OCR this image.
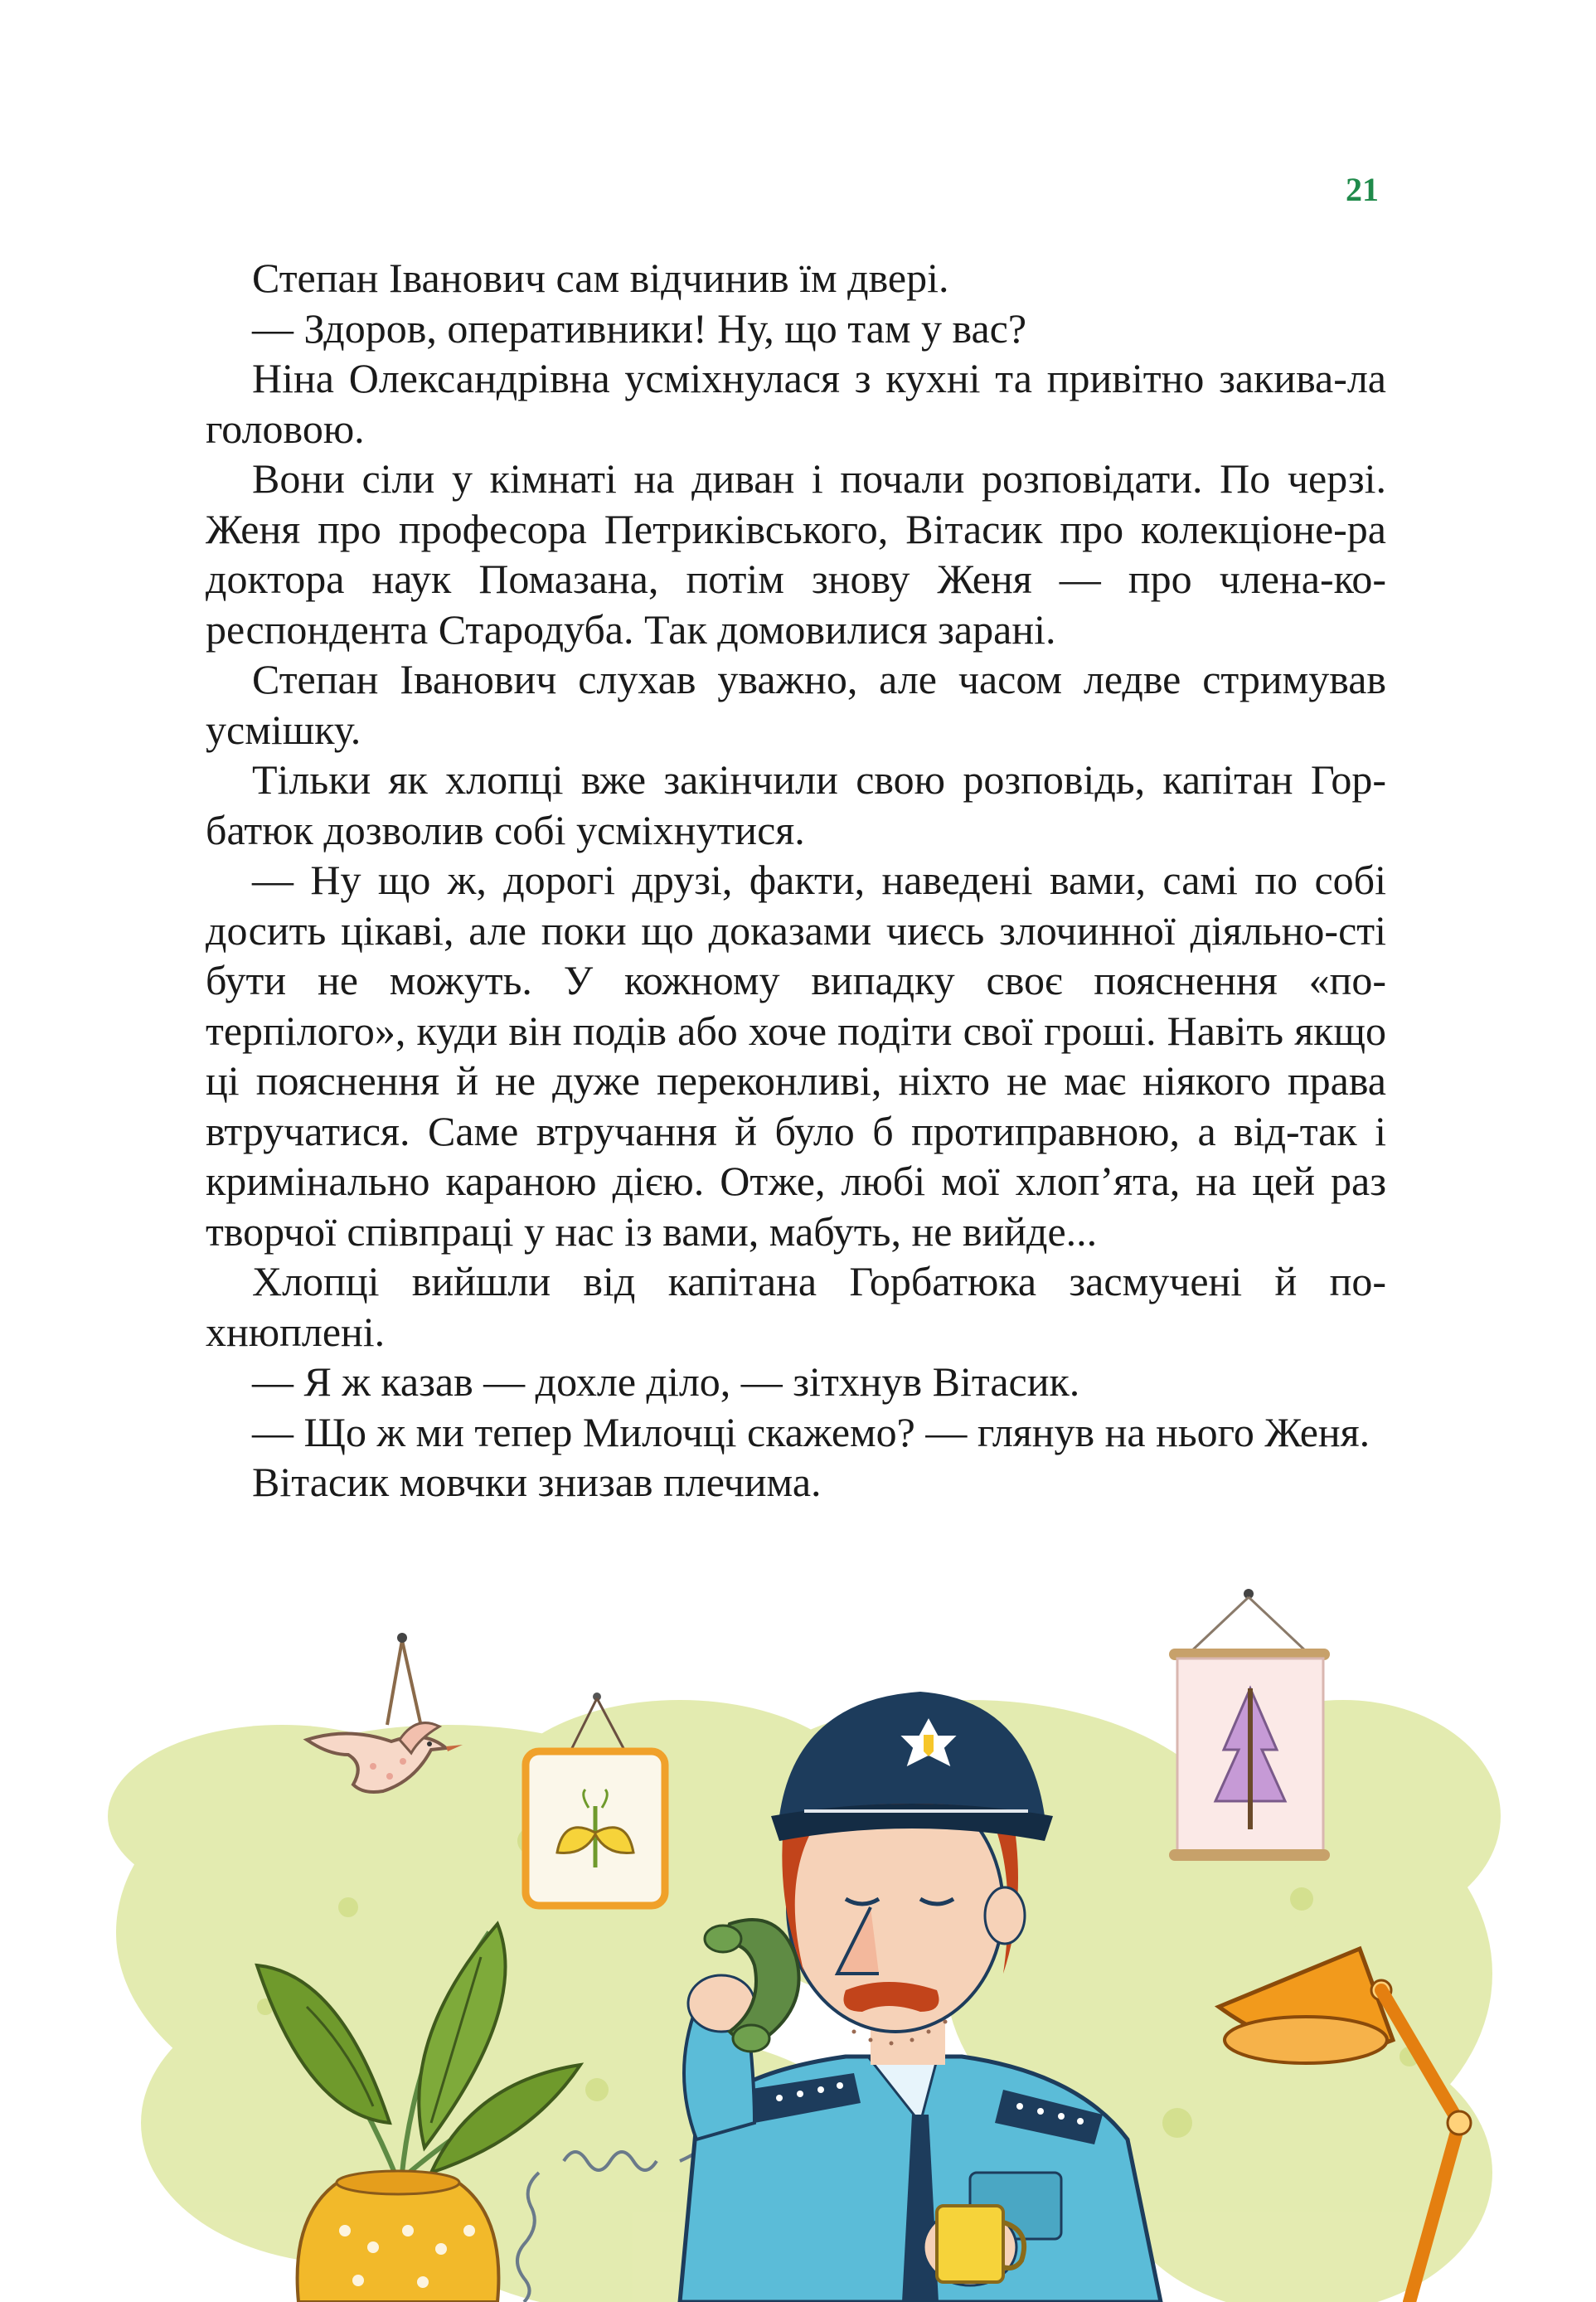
21

Степан Іванович сам відчинив їм двері.

— Здоров, оперативники! Ну, що там у вас?

Ніна Олександрівна усміхнулася з кухні та привітно закива-ла головою.

Вони сіли у кімнаті на диван і почали розповідати. По черзі. Женя про професора Петриківського, Вітасик про колекціоне-ра доктора наук Помазана, потім знову Женя — про члена-ко-респондента Стародуба. Так домовилися зарані.

Степан Іванович слухав уважно, але часом ледве стримував усмішку.

Тільки як хлопці вже закінчили свою розповідь, капітан Гор-батюк дозволив собі усміхнутися.

— Ну що ж, дорогі друзі, факти, наведені вами, самі по собі досить цікаві, але поки що доказами чиєсь злочинної діяльно-сті бути не можуть. У кожному випадку своє пояснення «по-терпілого», куди він подів або хоче подіти свої гроші. Навіть якщо ці пояснення й не дуже переконливі, ніхто не має ніякого права втручатися. Саме втручання й було б протиправною, а від-так і кримінально караною дією. Отже, любі мої хлоп’ята, на цей раз творчої співпраці у нас із вами, мабуть, не вийде...

Хлопці вийшли від капітана Горбатюка засмучені й по-хнюплені.

— Я ж казав — дохле діло, — зітхнув Вітасик.

— Що ж ми тепер Милочці скажемо? — глянув на нього Женя.

Вітасик мовчки знизав плечима.
